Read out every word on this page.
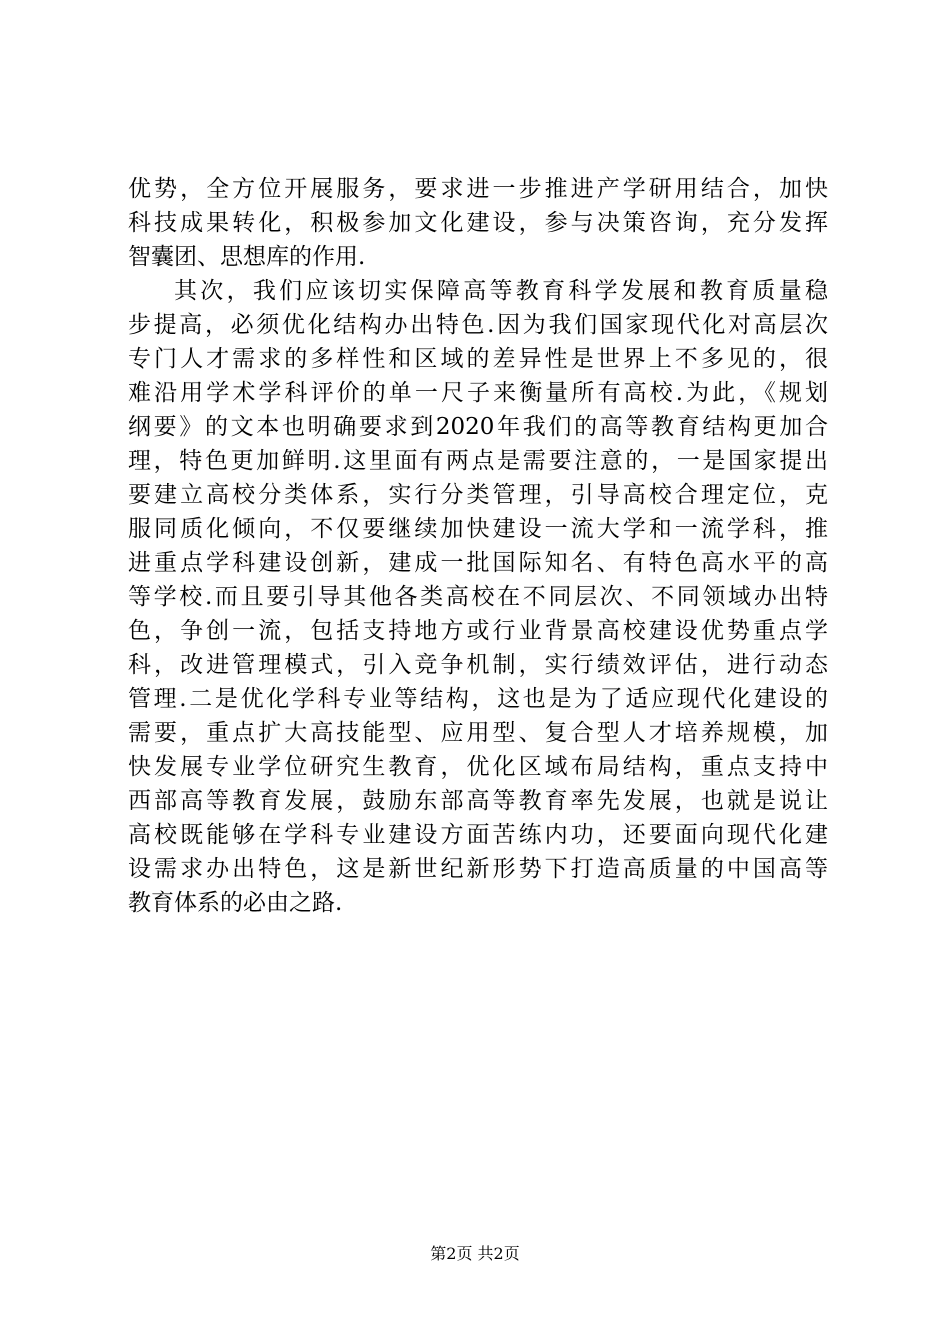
优势，全方位开展服务，要求进一步推进产学研用结合，加快
科技成果转化，积极参加文化建设，参与决策咨询，充分发挥
智囊团、思想库的作用.
其次，我们应该切实保障高等教育科学发展和教育质量稳
步提高，必须优化结构办出特色.因为我们国家现代化对高层次
专门人才需求的多样性和区域的差异性是世界上不多见的，很
难沿用学术学科评价的单一尺子来衡量所有高校.为此，《规划
纲要》的文本也明确要求到2020年我们的高等教育结构更加合
理，特色更加鲜明.这里面有两点是需要注意的，一是国家提出
要建立高校分类体系，实行分类管理，引导高校合理定位，克
服同质化倾向，不仅要继续加快建设一流大学和一流学科，推
进重点学科建设创新，建成一批国际知名、有特色高水平的高
等学校.而且要引导其他各类高校在不同层次、不同领域办出特
色，争创一流，包括支持地方或行业背景高校建设优势重点学
科，改进管理模式，引入竞争机制，实行绩效评估，进行动态
管理.二是优化学科专业等结构，这也是为了适应现代化建设的
需要，重点扩大高技能型、应用型、复合型人才培养规模，加
快发展专业学位研究生教育，优化区域布局结构，重点支持中
西部高等教育发展，鼓励东部高等教育率先发展，也就是说让
高校既能够在学科专业建设方面苦练内功，还要面向现代化建
设需求办出特色，这是新世纪新形势下打造高质量的中国高等
教育体系的必由之路.
第2页 共2页
